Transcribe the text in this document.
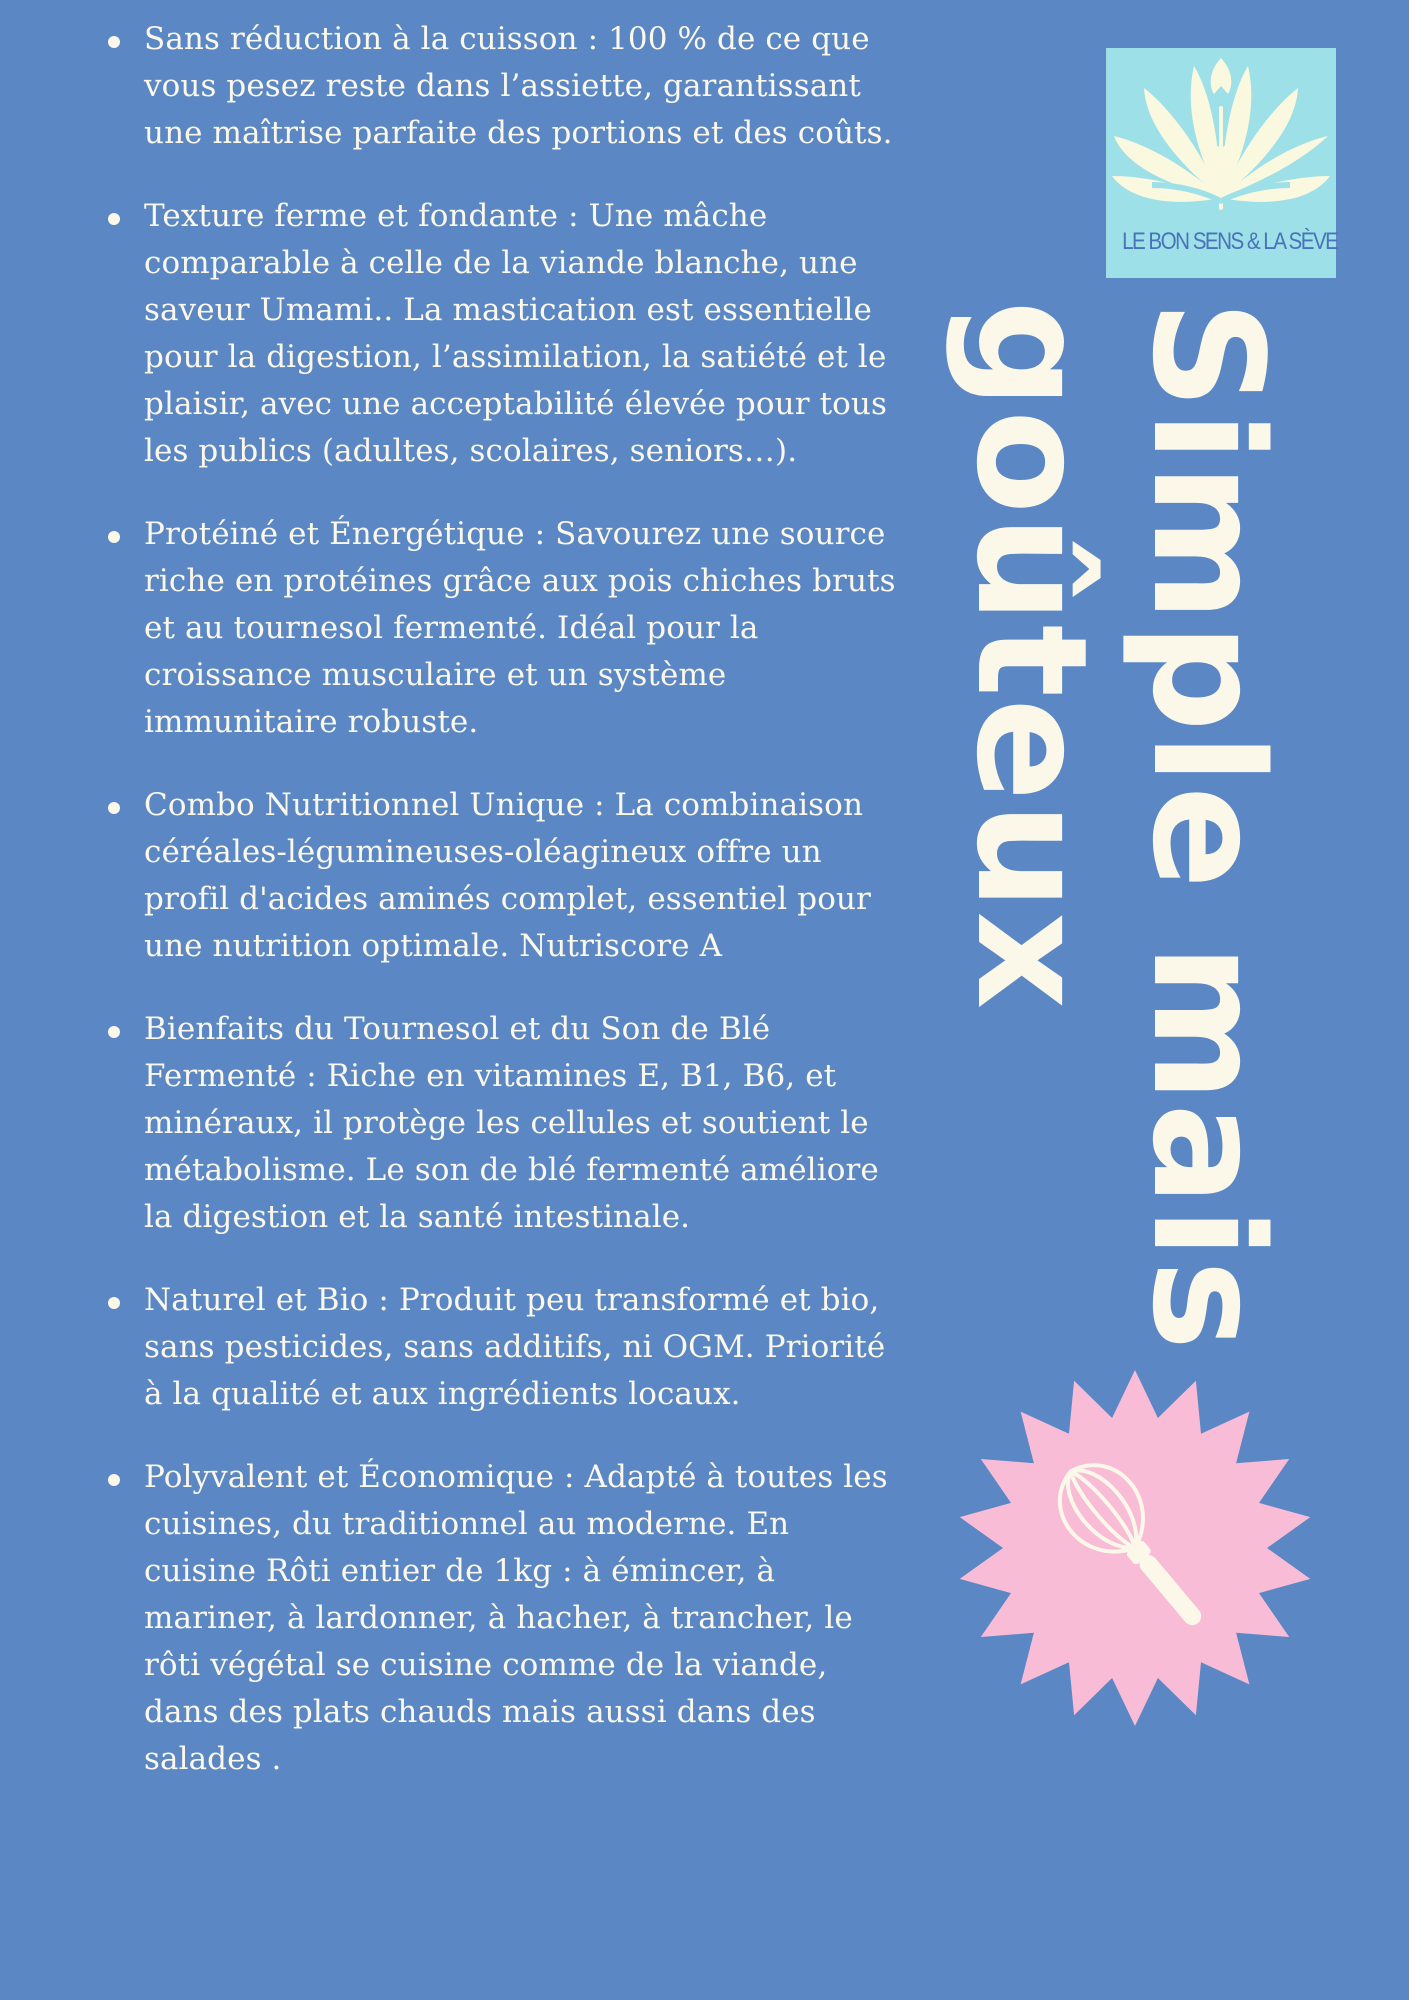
Sans réduction à la cuisson : 100 % de ce que vous pesez reste dans l’assiette, garantissant une maîtrise parfaite des portions et des coûts.
Texture ferme et fondante : Une mâche comparable à celle de la viande blanche, une saveur Umami.. La mastication est essentielle pour la digestion, l’assimilation, la satiété et le plaisir, avec une acceptabilité élevée pour tous les publics (adultes, scolaires, seniors…).
Protéiné et Énergétique : Savourez une source riche en protéines grâce aux pois chiches bruts et au tournesol fermenté. Idéal pour la croissance musculaire et un système immunitaire robuste.
Combo Nutritionnel Unique : La combinaison céréales-légumineuses-oléagineux offre un profil d'acides aminés complet, essentiel pour une nutrition optimale. Nutriscore A
Bienfaits du Tournesol et du Son de Blé Fermenté : Riche en vitamines E, B1, B6, et minéraux, il protège les cellules et soutient le métabolisme. Le son de blé fermenté améliore la digestion et la santé intestinale.
Naturel et Bio : Produit peu transformé et bio, sans pesticides, sans additifs, ni OGM. Priorité à la qualité et aux ingrédients locaux.
Polyvalent et Économique : Adapté à toutes les cuisines, du traditionnel au moderne. En cuisine Rôti entier de 1kg : à émincer, à mariner, à lardonner, à hacher, à trancher, le rôti végétal se cuisine comme de la viande, dans des plats chauds mais aussi dans des salades .
LE BON SENS & LA SÈVE
Simple mais
goûteux
